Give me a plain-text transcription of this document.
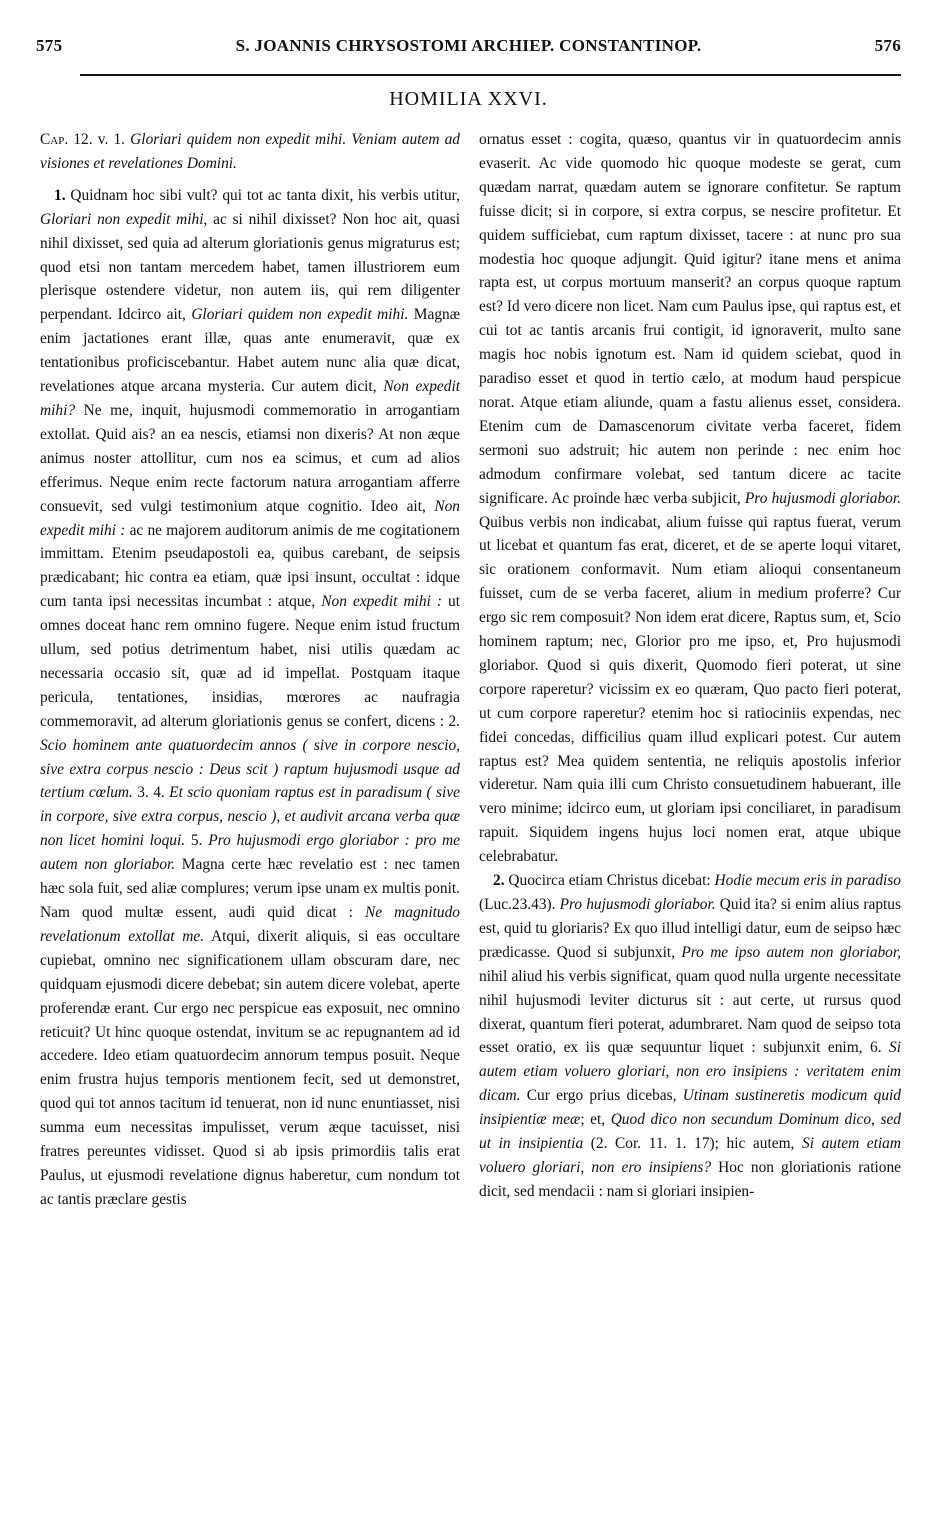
575	S. JOANNIS CHRYSOSTOMI ARCHIEP. CONSTANTINOP.	576
HOMILIA XXVI.

Cap. 12. v. 1. Gloriari quidem non expedit mihi. Veniam autem ad visiones et revelationes Domini.

1. Quidnam hoc sibi vult? qui tot ac tanta dixit, his verbis utitur, Gloriari non expedit mihi, ac si nihil dixisset? Non hoc ait, quasi nihil dixisset, sed quia ad alterum gloriationis genus migraturus est; quod etsi non tantam mercedem habet, tamen illustriorem eum plerisque ostendere videtur, non autem iis, qui rem diligenter perpendant. Idcirco ait, Gloriari quidem non expedit mihi. Magnæ enim jactationes erant illæ, quas ante enumeravit, quæ ex tentationibus proficiscebantur. Habet autem nunc alia quæ dicat, revelationes atque arcana mysteria. Cur autem dicit, Non expedit mihi? Ne me, inquit, hujusmodi commemoratio in arrogantiam extollat. Quid ais? an ea nescis, etiamsi non dixeris? At non æque animus noster attollitur, cum nos ea scimus, et cum ad alios efferimus. Neque enim recte factorum natura arrogantiam afferre consuevit, sed vulgi testimonium atque cognitio. Ideo ait, Non expedit mihi : ac ne majorem auditorum animis de me cogitationem immittam. Etenim pseudapostoli ea, quibus carebant, de seipsis prædicabant; hic contra ea etiam, quæ ipsi insunt, occultat : idque cum tanta ipsi necessitas incumbat : atque, Non expedit mihi : ut omnes doceat hanc rem omnino fugere. Neque enim istud fructum ullum, sed potius detrimentum habet, nisi utilis quædam ac necessaria occasio sit, quæ ad id impellat. Postquam itaque pericula, tentationes, insidias, mœrores ac naufragia commemoravit, ad alterum gloriationis genus se confert, dicens : 2. Scio hominem ante quatuordecim annos ( sive in corpore nescio, sive extra corpus nescio : Deus scit ) raptum hujusmodi usque ad tertium cœlum. 3. 4. Et scio quoniam raptus est in paradisum ( sive in corpore, sive extra corpus, nescio ), et audivit arcana verba quæ non licet homini loqui. 5. Pro hujusmodi ergo gloriabor : pro me autem non gloriabor. Magna certe hæc revelatio est : nec tamen hæc sola fuit, sed aliæ complures; verum ipse unam ex multis ponit. Nam quod multæ essent, audi quid dicat : Ne magnitudo revelationum extollat me. Atqui, dixerit aliquis, si eas occultare cupiebat, omnino nec significationem ullam obscuram dare, nec quidquam ejusmodi dicere debebat; sin autem dicere volebat, aperte proferendæ erant. Cur ergo nec perspicue eas exposuit, nec omnino reticuit? Ut hinc quoque ostendat, invitum se ac repugnantem ad id accedere. Ideo etiam quatuordecim annorum tempus posuit. Neque enim frustra hujus temporis mentionem fecit, sed ut demonstret, quod qui tot annos tacitum id tenuerat, non id nunc enuntiasset, nisi summa eum necessitas impulisset, verum æque tacuisset, nisi fratres pereuntes vidisset. Quod si ab ipsis primordiis talis erat Paulus, ut ejusmodi revelatione dignus haberetur, cum nondum tot ac tantis præclare gestis

ornatus esset : cogita, quæso, quantus vir in quatuordecim annis evaserit. Ac vide quomodo hic quoque modeste se gerat, cum quædam narrat, quædam autem se ignorare confitetur. Se raptum fuisse dicit; si in corpore, si extra corpus, se nescire profitetur. Et quidem sufficiebat, cum raptum dixisset, tacere : at nunc pro sua modestia hoc quoque adjungit. Quid igitur? itane mens et anima rapta est, ut corpus mortuum manserit? an corpus quoque raptum est? Id vero dicere non licet. Nam cum Paulus ipse, qui raptus est, et cui tot ac tantis arcanis frui contigit, id ignoraverit, multo sane magis hoc nobis ignotum est. Nam id quidem sciebat, quod in paradiso esset et quod in tertio cælo, at modum haud perspicue norat. Atque etiam aliunde, quam a fastu alienus esset, considera. Etenim cum de Damascenorum civitate verba faceret, fidem sermoni suo adstruit; hic autem non perinde : nec enim hoc admodum confirmare volebat, sed tantum dicere ac tacite significare. Ac proinde hæc verba subjicit, Pro hujusmodi gloriabor. Quibus verbis non indicabat, alium fuisse qui raptus fuerat, verum ut licebat et quantum fas erat, diceret, et de se aperte loqui vitaret, sic orationem conformavit. Num etiam alioqui consentaneum fuisset, cum de se verba faceret, alium in medium proferre? Cur ergo sic rem composuit? Non idem erat dicere, Raptus sum, et, Scio hominem raptum; nec, Glorior pro me ipso, et, Pro hujusmodi gloriabor. Quod si quis dixerit, Quomodo fieri poterat, ut sine corpore raperetur? vicissim ex eo quæram, Quo pacto fieri poterat, ut cum corpore raperetur? etenim hoc si ratiociniis expendas, nec fidei concedas, difficilius quam illud explicari potest. Cur autem raptus est? Mea quidem sententia, ne reliquis apostolis inferior videretur. Nam quia illi cum Christo consuetudinem habuerant, ille vero minime; idcirco eum, ut gloriam ipsi conciliaret, in paradisum rapuit. Siquidem ingens hujus loci nomen erat, atque ubique celebrabatur.

2. Quocirca etiam Christus dicebat: Hodie mecum eris in paradiso (Luc.23.43). Pro hujusmodi gloriabor. Quid ita? si enim alius raptus est, quid tu gloriaris? Ex quo illud intelligi datur, eum de seipso hæc prædicasse. Quod si subjunxit, Pro me ipso autem non gloriabor, nihil aliud his verbis significat, quam quod nulla urgente necessitate nihil hujusmodi leviter dicturus sit : aut certe, ut rursus quod dixerat, quantum fieri poterat, adumbraret. Nam quod de seipso tota esset oratio, ex iis quæ sequuntur liquet : subjunxit enim, 6. Si autem etiam voluero gloriari, non ero insipiens : veritatem enim dicam. Cur ergo prius dicebas, Utinam sustineretis modicum quid insipientiæ meæ; et, Quod dico non secundum Dominum dico, sed ut in insipientia (2. Cor. 11. 1. 17); hic autem, Si autem etiam voluero gloriari, non ero insipiens? Hoc non gloriationis ratione dicit, sed mendacii : nam si gloriari insipien-
